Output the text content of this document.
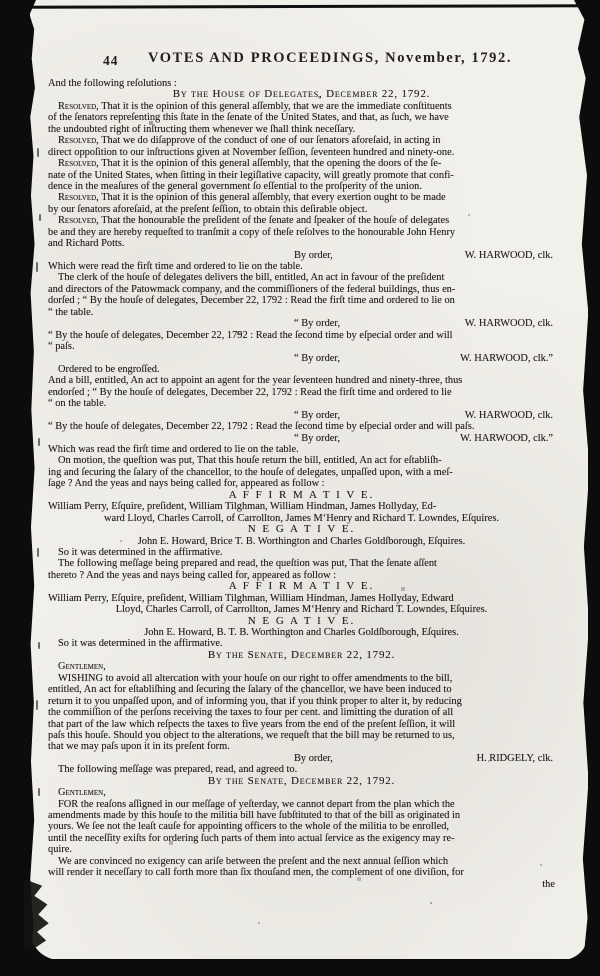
44 VOTES AND PROCEEDINGS, November, 1792.
And the following reſolutions :
By the House of Delegates, December 22, 1792.
Resolved, That it is the opinion of this general aſſembly, that we are the immediate conſtituents
of the ſenators repreſenting this ſtate in the ſenate of the United States, and that, as ſuch, we have
the undoubted right of inſtructing them whenever we ſhall think neceſſary.
Resolved, That we do diſapprove of the conduct of one of our ſenators aforeſaid, in acting in
direct oppoſition to our inſtructions given at November ſeſſion, ſeventeen hundred and ninety-one.
Resolved, That it is the opinion of this general aſſembly, that the opening the doors of the ſe-
nate of the United States, when ſitting in their legiſlative capacity, will greatly promote that confi-
dence in the meaſures of the general government ſo eſſential to the proſperity of the union.
Resolved, That it is the opinion of this general aſſembly, that every exertion ought to be made
by our ſenators aforeſaid, at the preſent ſeſſion, to obtain this deſirable object.
Resolved, That the honourable the preſident of the ſenate and ſpeaker of the houſe of delegates
be and they are hereby requeſted to tranſmit a copy of theſe reſolves to the honourable John Henry
and Richard Potts.
By order,	W. HARWOOD, clk.
Which were read the firſt time and ordered to lie on the table.
The clerk of the houſe of delegates delivers the bill, entitled, An act in favour of the preſident
and directors of the Patowmack company, and the commiſſioners of the federal buildings, thus en-
dorſed ; “ By the houſe of delegates, December 22, 1792 : Read the firſt time and ordered to lie on
“ the table.
“ By order,	W. HARWOOD, clk.
“ By the houſe of delegates, December 22, 1792 : Read the ſecond time by eſpecial order and will
“ paſs.
“ By order,	W. HARWOOD, clk.”
Ordered to be engroſſed.
And a bill, entitled, An act to appoint an agent for the year ſeventeen hundred and ninety-three, thus
endorſed ; “ By the houſe of delegates, December 22, 1792 : Read the firſt time and ordered to lie
“ on the table.
“ By order,	W. HARWOOD, clk.
“ By the houſe of delegates, December 22, 1792 : Read the ſecond time by eſpecial order and will paſs.
“ By order,	W. HARWOOD, clk.”
Which was read the firſt time and ordered to lie on the table.
On motion, the queſtion was put, That this houſe return the bill, entitled, An act for eſtabliſh-
ing and ſecuring the ſalary of the chancellor, to the houſe of delegates, unpaſſed upon, with a meſ-
ſage ? And the yeas and nays being called for, appeared as follow :
A F F I R M A T I V E.
William Perry, Eſquire, preſident, William Tilghman, William Hindman, James Hollyday, Ed-
ward Lloyd, Charles Carroll, of Carrollton, James M‘Henry and Richard T. Lowndes, Eſquires.
N E G A T I V E.
John E. Howard, Brice T. B. Worthington and Charles Goldſborough, Eſquires.
So it was determined in the affirmative.
The following meſſage being prepared and read, the queſtion was put, That the ſenate aſſent
thereto ? And the yeas and nays being called for, appeared as follow :
A F F I R M A T I V E.
William Perry, Eſquire, preſident, William Tilghman, William Hindman, James Hollyday, Edward
Lloyd, Charles Carroll, of Carrollton, James M‘Henry and Richard T. Lowndes, Eſquires.
N E G A T I V E.
John E. Howard, B. T. B. Worthington and Charles Goldſborough, Eſquires.
So it was determined in the affirmative.
By the Senate, December 22, 1792.
Gentlemen,
WISHING to avoid all altercation with your houſe on our right to offer amendments to the bill,
entitled, An act for eſtabliſhing and ſecuring the ſalary of the chancellor, we have been induced to
return it to you unpaſſed upon, and of informing you, that if you think proper to alter it, by reducing
the commiſſion of the perſons receiving the taxes to four per cent. and limitting the duration of all
that part of the law which reſpects the taxes to five years from the end of the preſent ſeſſion, it will
paſs this houſe. Should you object to the alterations, we requeſt that the bill may be returned to us,
that we may paſs upon it in its preſent form.
By order,	H. RIDGELY, clk.
The following meſſage was prepared, read, and agreed to.
By the Senate, December 22, 1792.
Gentlemen,
FOR the reaſons aſſigned in our meſſage of yeſterday, we cannot depart from the plan which the
amendments made by this houſe to the militia bill have ſubſtituted to that of the bill as originated in
yours. We ſee not the leaſt cauſe for appointing officers to the whole of the militia to be enrolled,
until the neceſſity exiſts for ordering ſuch parts of them into actual ſervice as the exigency may re-
quire.
We are convinced no exigency can ariſe between the preſent and the next annual ſeſſion which
will render it neceſſary to call forth more than ſix thouſand men, the complement of one diviſion, for
the
